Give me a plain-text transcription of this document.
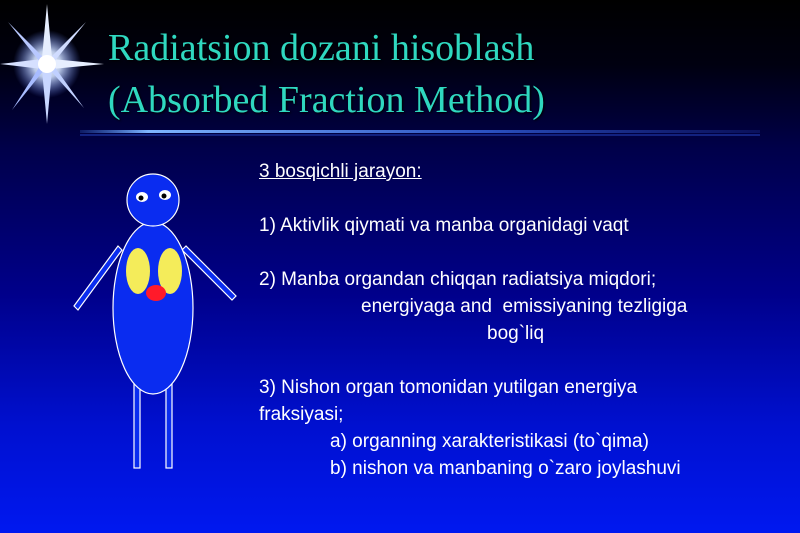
Radiatsion dozani hisoblash
(Absorbed Fraction Method)
3 bosqichli jarayon:
1) Aktivlik qiymati va manba organidagi vaqt
2) Manba organdan chiqqan radiatsiya miqdori;
energiyaga and  emissiyaning tezligiga
bog`liq
3) Nishon organ tomonidan yutilgan energiya
fraksiyasi;
a) organning xarakteristikasi (to`qima)
b) nishon va manbaning o`zaro joylashuvi
